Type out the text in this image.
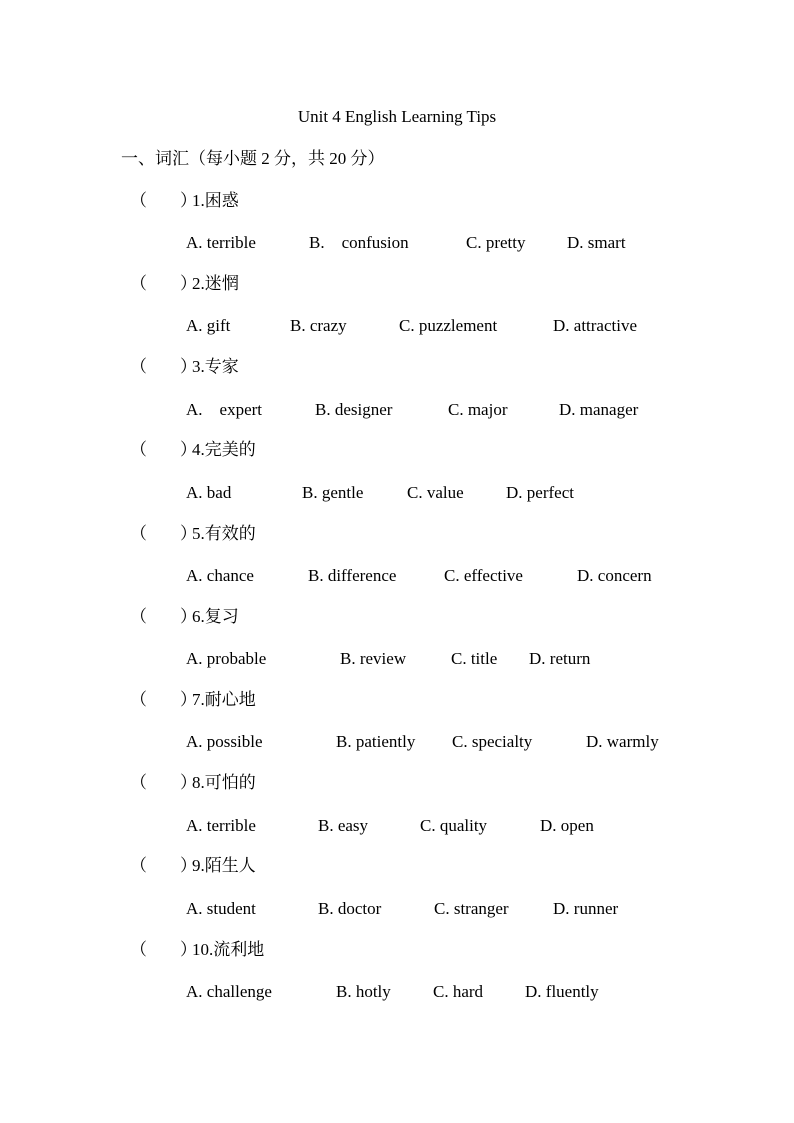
Unit 4 English Learning Tips
一、词汇（每小题 2 分，共 20 分）
（ ）
1.困惑
A. terrible	B.    confusion	C. pretty D. smart
（ ）
2.迷惘
A. gift	B. crazy	C. puzzlement	D. attractive
（ ）
3.专家
A.    expert	B. designer	C. major	D. manager
（ ）
4.完美的
A. bad	B. gentle	C. value D. perfect
（ ）
5.有效的
A. chance	B. difference	C. effective	D. concern
（ ）
6.复习
A. probable	B. review	C. title D. return
（ ）
7.耐心地
A. possible	B. patiently C. specialty	D. warmly
（ ）
8.可怕的
A. terrible	B. easy	C. quality	D. open
（ ）
9.陌生人
A. student	B. doctor	C. stranger	D. runner
（ ）
10.流利地
A. challenge	B. hotly C. hard D. fluently
